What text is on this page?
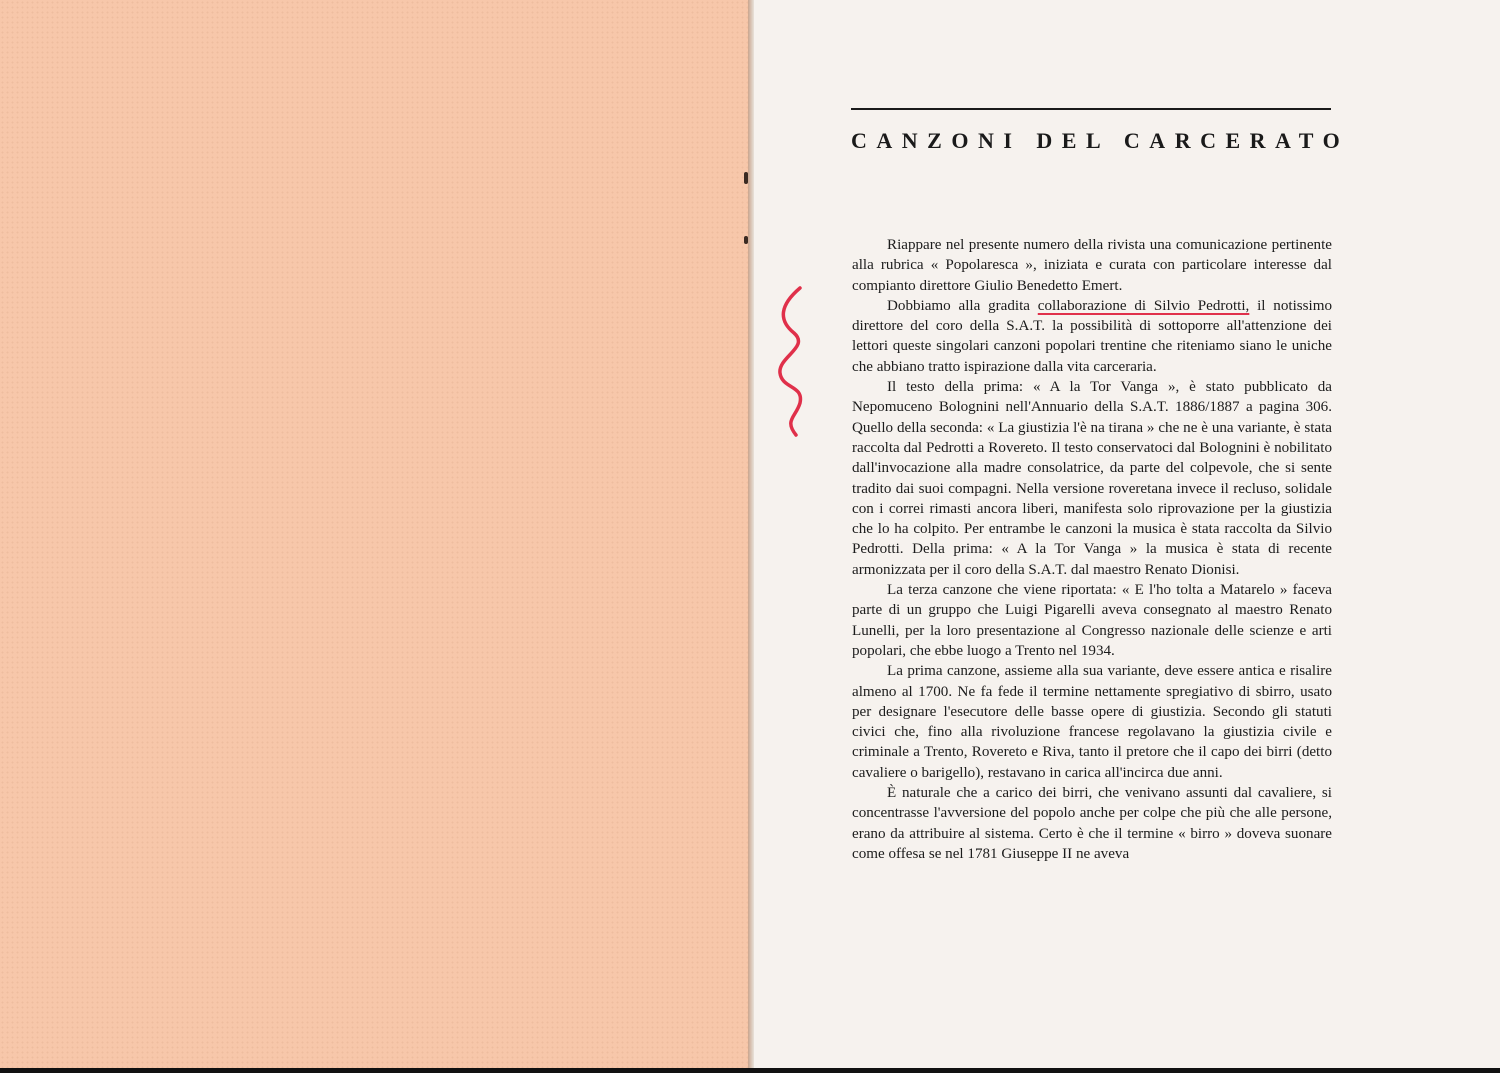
CANZONI DEL CARCERATO

Riappare nel presente numero della rivista una comunicazione pertinente alla rubrica « Popolaresca », iniziata e curata con particolare interesse dal compianto direttore Giulio Benedetto Emert.

Dobbiamo alla gradita collaborazione di Silvio Pedrotti, il notissimo direttore del coro della S.A.T. la possibilità di sottoporre all'attenzione dei lettori queste singolari canzoni popolari trentine che riteniamo siano le uniche che abbiano tratto ispirazione dalla vita carceraria.

Il testo della prima: « A la Tor Vanga », è stato pubblicato da Nepomuceno Bolognini nell'Annuario della S.A.T. 1886/1887 a pagina 306. Quello della seconda: « La giustizia l'è na tirana » che ne è una variante, è stata raccolta dal Pedrotti a Rovereto. Il testo conservatoci dal Bolognini è nobilitato dall'invocazione alla madre consolatrice, da parte del colpevole, che si sente tradito dai suoi compagni. Nella versione roveretana invece il recluso, solidale con i correi rimasti ancora liberi, manifesta solo riprovazione per la giustizia che lo ha colpito. Per entrambe le canzoni la musica è stata raccolta da Silvio Pedrotti. Della prima: « A la Tor Vanga » la musica è stata di recente armonizzata per il coro della S.A.T. dal maestro Renato Dionisi.

La terza canzone che viene riportata: « E l'ho tolta a Matarelo » faceva parte di un gruppo che Luigi Pigarelli aveva consegnato al maestro Renato Lunelli, per la loro presentazione al Congresso nazionale delle scienze e arti popolari, che ebbe luogo a Trento nel 1934.

La prima canzone, assieme alla sua variante, deve essere antica e risalire almeno al 1700. Ne fa fede il termine nettamente spregiativo di sbirro, usato per designare l'esecutore delle basse opere di giustizia. Secondo gli statuti civici che, fino alla rivoluzione francese regolavano la giustizia civile e criminale a Trento, Rovereto e Riva, tanto il pretore che il capo dei birri (detto cavaliere o barigello), restavano in carica all'incirca due anni.

È naturale che a carico dei birri, che venivano assunti dal cavaliere, si concentrasse l'avversione del popolo anche per colpe che più che alle persone, erano da attribuire al sistema. Certo è che il termine « birro » doveva suonare come offesa se nel 1781 Giuseppe II ne aveva
